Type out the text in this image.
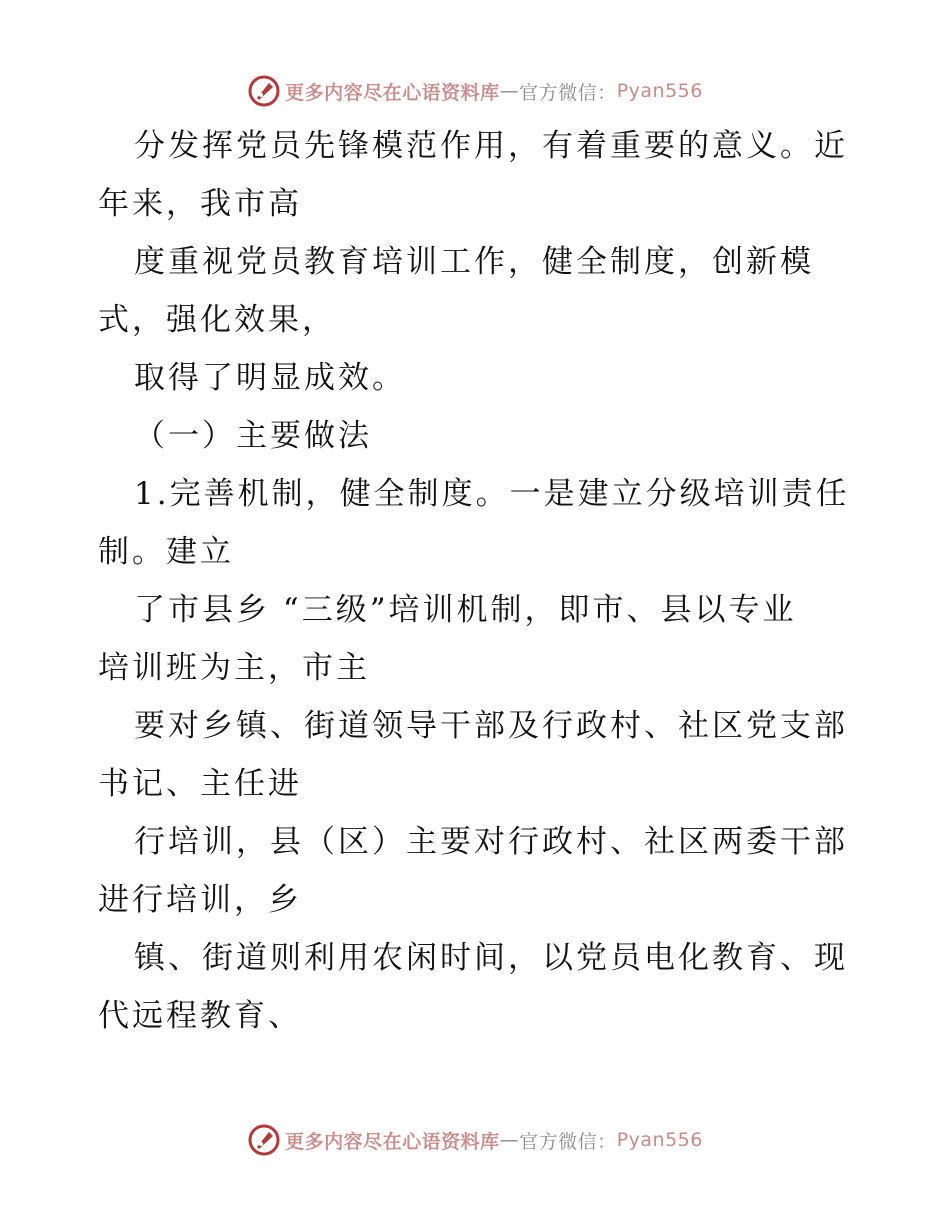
更多内容尽在心语资料库 — 官方微信： Pyan556
分发挥党员先锋模范作用，有着重要的意义。近
年来，我市高
度重视党员教育培训工作，健全制度，创新模
式，强化效果，
取得了明显成效。
（一）主要做法
1.完善机制，健全制度。一是建立分级培训责任
制。建立
了市县乡 “三级”培训机制，即市、县以专业
培训班为主，市主
要对乡镇、街道领导干部及行政村、社区党支部
书记、主任进
行培训，县（区）主要对行政村、社区两委干部
进行培训，乡
镇、街道则利用农闲时间，以党员电化教育、现
代远程教育、
更多内容尽在心语资料库 — 官方微信： Pyan556
